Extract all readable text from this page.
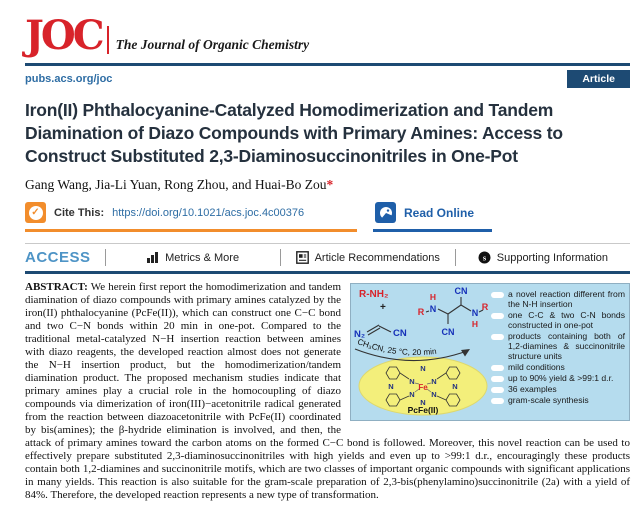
JOC The Journal of Organic Chemistry
pubs.acs.org/joc	Article
Iron(II) Phthalocyanine-Catalyzed Homodimerization and Tandem Diamination of Diazo Compounds with Primary Amines: Access to Construct Substituted 2,3-Diaminosuccinonitriles in One-Pot
Gang Wang, Jia-Li Yuan, Rong Zhou, and Huai-Bo Zou*
✓ Cite This: https://doi.org/10.1021/acs.joc.4c00376	Read Online
ACCESS	Metrics & More	Article Recommendations	s Supporting Information
R-NH₂
+
N₂	CN
N
N
N	N
N N
N N
Fe
PcFe(II)
CH₃CN, 25 °C, 20 min
CN
CN
N
H
R	N
H
R
a novel reaction different from the N-H insertion
one C-C & two C-N bonds constructed in one-pot
products containing both of 1,2-diamines & succinonitrile structure units
mild conditions
up to 90% yield & >99:1 d.r.
36 examples
gram-scale synthesis
ABSTRACT: We herein first report the homodimerization and tandem diamination of diazo compounds with primary amines catalyzed by the iron(II) phthalocyanine (PcFe(II)), which can construct one C−C bond and two C−N bonds within 20 min in one-pot. Compared to the traditional metal-catalyzed N−H insertion reaction between amines with diazo reagents, the developed reaction almost does not generate the N−H insertion product, but the homodimerization/tandem diamination product. The proposed mechanism studies indicate that primary amines play a crucial role in the homocoupling of diazo compounds via dimerization of iron(III)−acetonitrile radical generated from the reaction between diazoacetonitrile with PcFe(II) coordinated by bis(amines); the β-hydride elimination is involved, and then, the attack of primary amines toward the carbon atoms on the formed C−C bond is followed. Moreover, this novel reaction can be used to effectively prepare substituted 2,3-diaminosuccinonitriles with high yields and even up to >99:1 d.r., encouragingly these products contain both 1,2-diamines and succinonitrile motifs, which are two classes of important organic compounds with significant applications in many yields. This reaction is also suitable for the gram-scale preparation of 2,3-bis(phenylamino)succinonitrile (2a) with a yield of 84%. Therefore, the developed reaction represents a new type of transformation.
